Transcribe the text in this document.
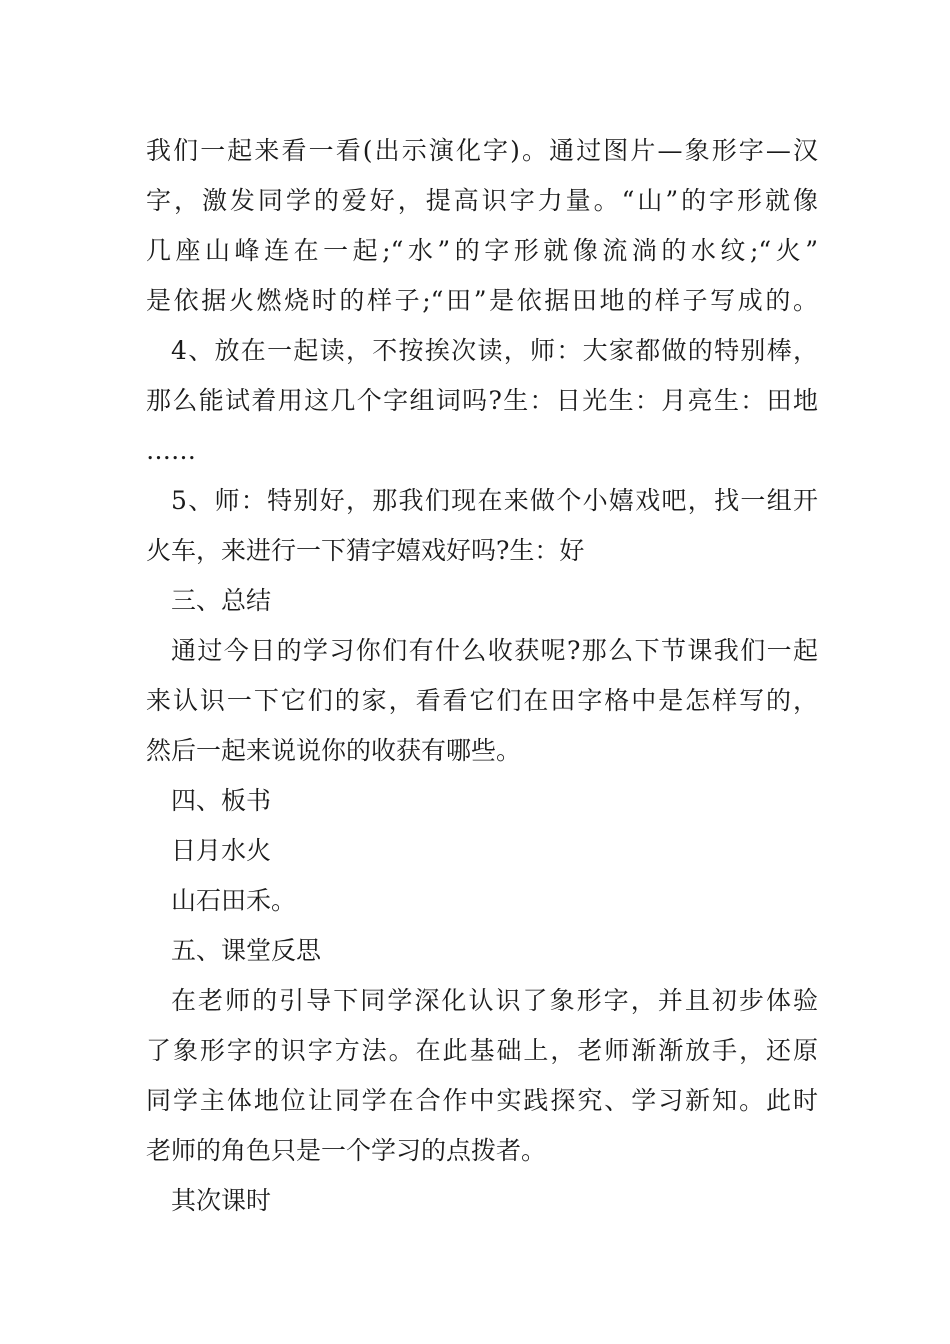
我们一起来看一看(出示演化字)。通过图片—象形字—汉
字，激发同学的爱好，提高识字力量。“山”的字形就像
几座山峰连在一起;“水”的字形就像流淌的水纹;“火”
是依据火燃烧时的样子;“田”是依据田地的样子写成的。
4、放在一起读，不按挨次读，师：大家都做的特别棒，
那么能试着用这几个字组词吗?生：日光生：月亮生：田地
……
5、师：特别好，那我们现在来做个小嬉戏吧，找一组开
火车，来进行一下猜字嬉戏好吗?生：好
三、总结
通过今日的学习你们有什么收获呢?那么下节课我们一起
来认识一下它们的家，看看它们在田字格中是怎样写的，
然后一起来说说你的收获有哪些。
四、板书
日月水火
山石田禾。
五、课堂反思
在老师的引导下同学深化认识了象形字，并且初步体验
了象形字的识字方法。在此基础上，老师渐渐放手，还原
同学主体地位让同学在合作中实践探究、学习新知。此时
老师的角色只是一个学习的点拨者。
其次课时
